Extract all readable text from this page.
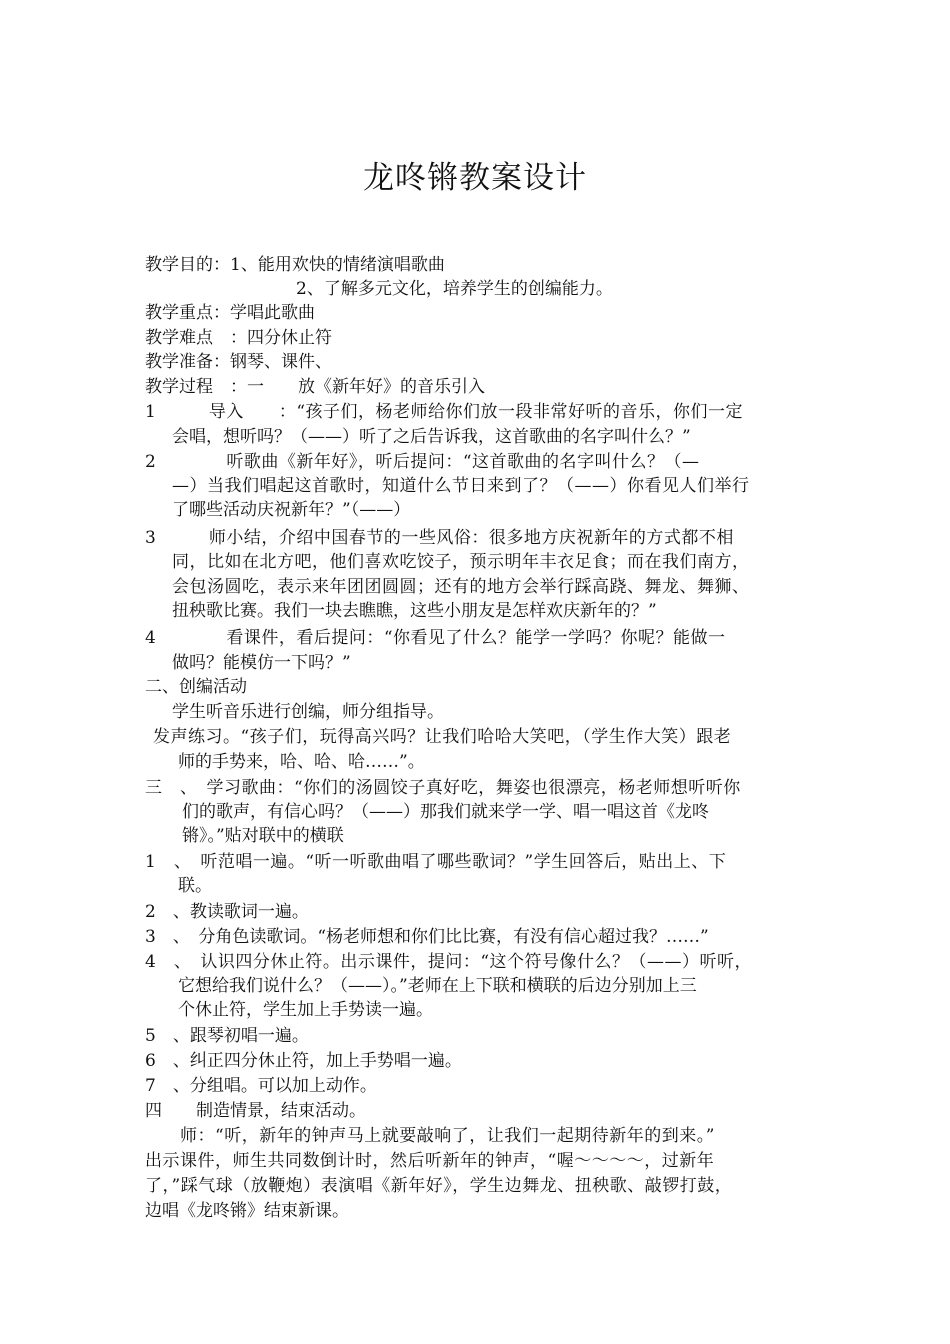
龙咚锵教案设计
教学目的：1、能用欢快的情绪演唱歌曲
2、了解多元文化，培养学生的创编能力。
教学重点：学唱此歌曲
教学难点　：四分休止符
教学准备：钢琴、课件、
教学过程　：一　　放《新年好》的音乐引入
1　　　导入　　：“孩子们，杨老师给你们放一段非常好听的音乐，你们一定
会唱，想听吗？（——）听了之后告诉我，这首歌曲的名字叫什么？”
2　　　　听歌曲《新年好》，听后提问：“这首歌曲的名字叫什么？（—
—）当我们唱起这首歌时，知道什么节日来到了？（——）你看见人们举行
了哪些活动庆祝新年？”（——）
3　　　师小结，介绍中国春节的一些风俗：很多地方庆祝新年的方式都不相
同，比如在北方吧，他们喜欢吃饺子，预示明年丰衣足食；而在我们南方，
会包汤圆吃，表示来年团团圆圆；还有的地方会举行踩高跷、舞龙、舞狮、
扭秧歌比赛。我们一块去瞧瞧，这些小朋友是怎样欢庆新年的？”
4　　　　看课件，看后提问：“你看见了什么？能学一学吗？你呢？能做一
做吗？能模仿一下吗？”
二、创编活动
学生听音乐进行创编，师分组指导。
发声练习。“孩子们，玩得高兴吗？让我们哈哈大笑吧，（学生作大笑）跟老
师的手势来，哈、哈、哈……”。
三　、　学习歌曲：“你们的汤圆饺子真好吃，舞姿也很漂亮，杨老师想听听你
们的歌声，有信心吗？（——）那我们就来学一学、唱一唱这首《龙咚
锵》。”贴对联中的横联
1　、　听范唱一遍。“听一听歌曲唱了哪些歌词？”学生回答后，贴出上、下
联。
2　、教读歌词一遍。
3　、　分角色读歌词。“杨老师想和你们比比赛，有没有信心超过我？……”
4　、　认识四分休止符。出示课件，提问：“这个符号像什么？（——）听听，
它想给我们说什么？（——）。”老师在上下联和横联的后边分别加上三
个休止符，学生加上手势读一遍。
5　、跟琴初唱一遍。
6　、纠正四分休止符，加上手势唱一遍。
7　、分组唱。可以加上动作。
四　　制造情景，结束活动。
　　师：“听，新年的钟声马上就要敲响了，让我们一起期待新年的到来。”
出示课件，师生共同数倒计时，然后听新年的钟声，“喔～～～～，过新年
了，”踩气球（放鞭炮）表演唱《新年好》，学生边舞龙、扭秧歌、敲锣打鼓，
边唱《龙咚锵》结束新课。
